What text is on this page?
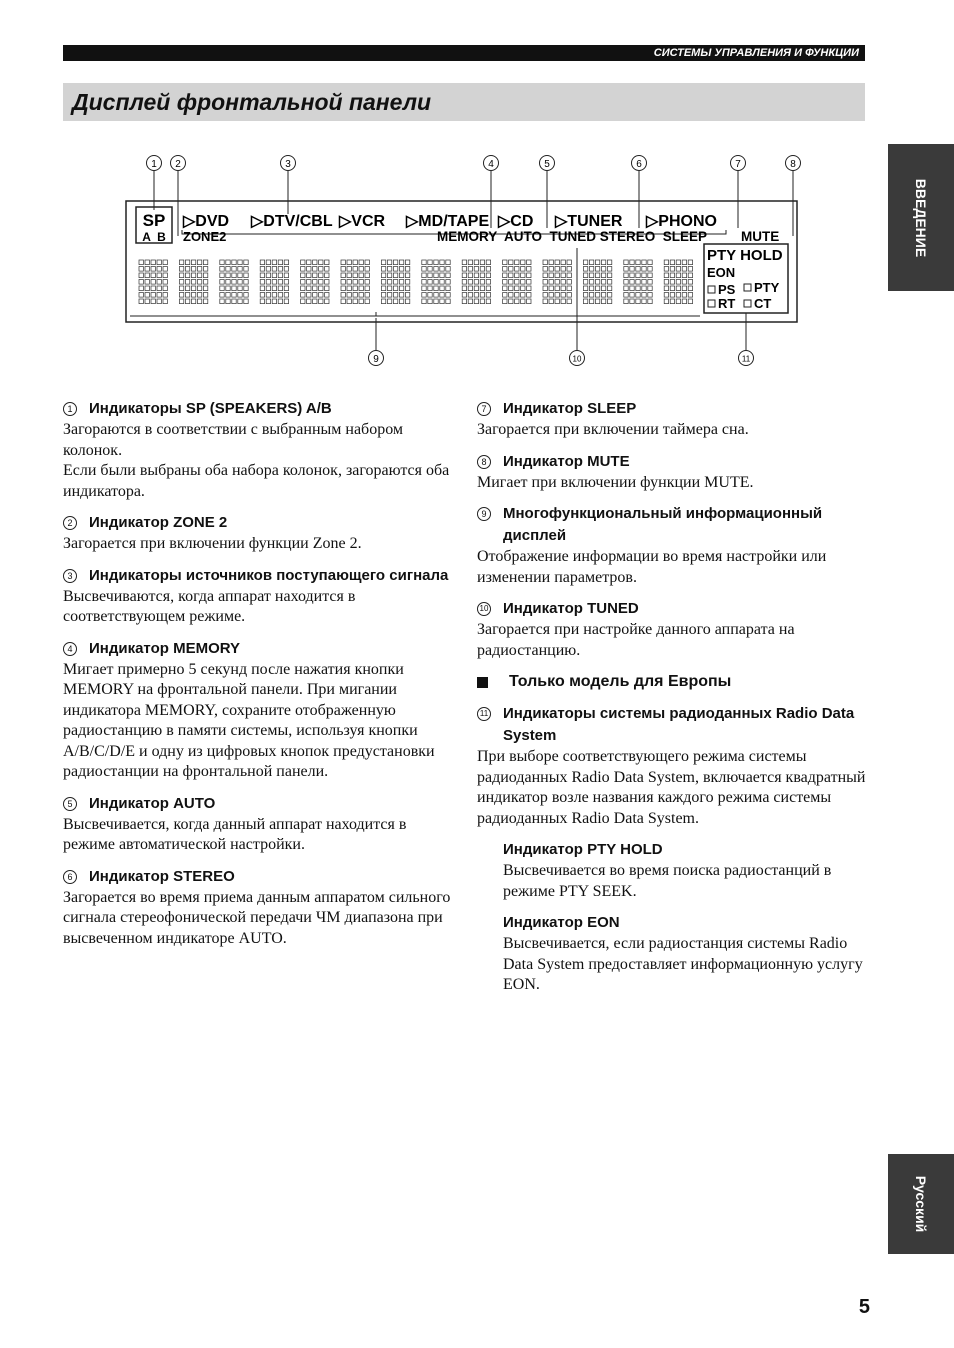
СИСТЕМЫ УПРАВЛЕНИЯ И ФУНКЦИИ
Дисплей фронтальной панели
ВВЕДЕНИЕ
Русский
1 2	3	4	5	6	7	8
9	10	11
SP
A  B ZONE2
▷DVD ▷DTV/CBL ▷VCR ▷MD/TAPE ▷CD ▷TUNER ▷PHONO
MEMORY  AUTO  TUNED STEREO  SLEEP	MUTE
PTY HOLD
EON
PS PTY
RT CT
1	Индикаторы SP (SPEAKERS) A/B
Загораются в соответствии с выбранным набором колонок.
Если были выбраны оба набора колонок, загораются оба индикатора.
2	Индикатор ZONE 2
Загорается при включении функции Zone 2.
3	Индикаторы источников поступающего сигнала
Высвечиваются, когда аппарат находится в соответствующем режиме.
4	Индикатор MEMORY
Мигает примерно 5 секунд после нажатия кнопки MEMORY на фронтальной панели. При мигании индикатора MEMORY, сохраните отображенную радиостанцию в памяти системы, используя кнопки A/B/C/D/E и одну из цифровых кнопок предустановки радиостанции на фронтальной панели.
5	Индикатор AUTO
Высвечивается, когда данный аппарат находится в режиме автоматической настройки.
6	Индикатор STEREO
Загорается во время приема данным аппаратом сильного сигнала стереофонической передачи ЧМ диапазона при высвеченном индикаторе AUTO.
7	Индикатор SLEEP
Загорается при включении таймера сна.
8	Индикатор MUTE
Мигает при включении функции MUTE.
9	Многофункциональный информационный дисплей
Отображение информации во время настройки или изменении параметров.
10 Индикатор TUNED
Загорается при настройке данного аппарата на радиостанцию.
Только модель для Европы
11 Индикаторы системы радиоданных Radio Data System
При выборе соответствующего режима системы радиоданных Radio Data System, включается квадратный индикатор возле названия каждого режима системы радиоданных Radio Data System.
Индикатор PTY HOLD
Высвечивается во время поиска радиостанций в режиме PTY SEEK.
Индикатор EON
Высвечивается, если радиостанция системы Radio Data System предоставляет информационную услугу EON.
5
